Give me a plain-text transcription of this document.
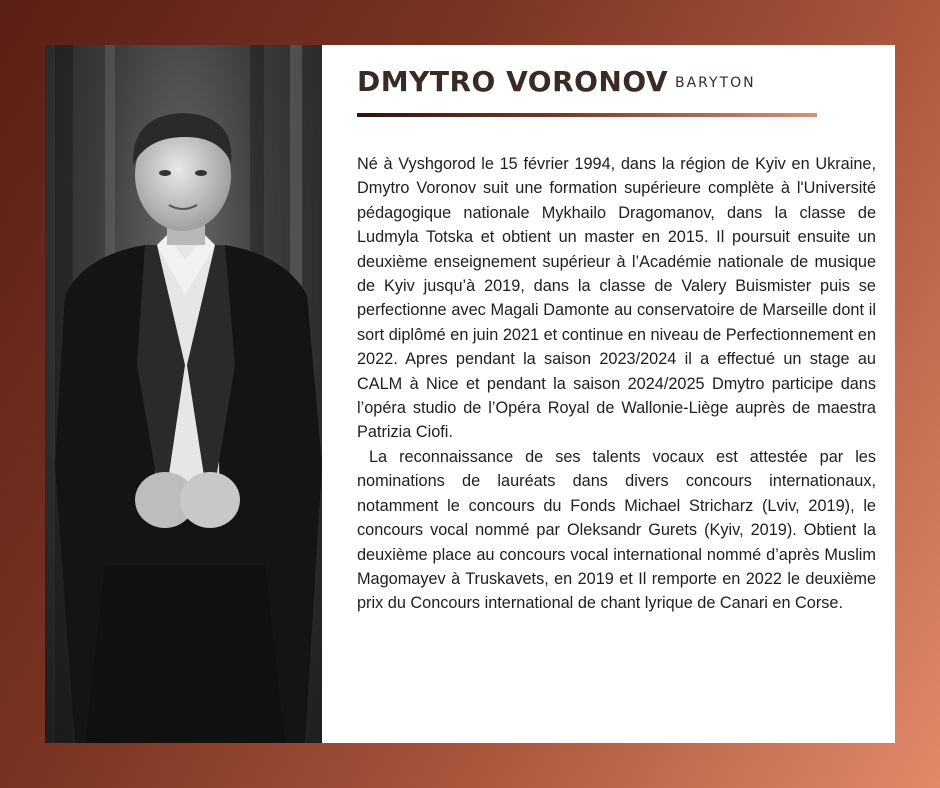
DMYTRO VORONOV BARYTON

Né à Vyshgorod le 15 février 1994, dans la région de Kyiv en Ukraine, Dmytro Voronov suit une formation supérieure complète à l'Université pédagogique nationale Mykhailo Dragomanov, dans la classe de Ludmyla Totska et obtient un master en 2015. Il poursuit ensuite un deuxième enseignement supérieur à l’Académie nationale de musique de Kyiv jusqu’à 2019, dans la classe de Valery Buismister puis se perfectionne avec Magali Damonte au conservatoire de Marseille dont il sort diplômé en juin 2021 et continue en niveau de Perfectionnement en 2022. Apres pendant la saison 2023/2024 il a effectué un stage au CALM à Nice et pendant la saison 2024/2025 Dmytro participe dans l’opéra studio de l’Opéra Royal de Wallonie-Liège auprès de maestra Patrizia Ciofi.

La reconnaissance de ses talents vocaux est attestée par les nominations de lauréats dans divers concours internationaux, notamment le concours du Fonds Michael Stricharz (Lviv, 2019), le concours vocal nommé par Oleksandr Gurets (Kyiv, 2019). Obtient la deuxième place au concours vocal international nommé d’après Muslim Magomayev à Truskavets, en 2019 et Il remporte en 2022 le deuxième prix du Concours international de chant lyrique de Canari en Corse.
